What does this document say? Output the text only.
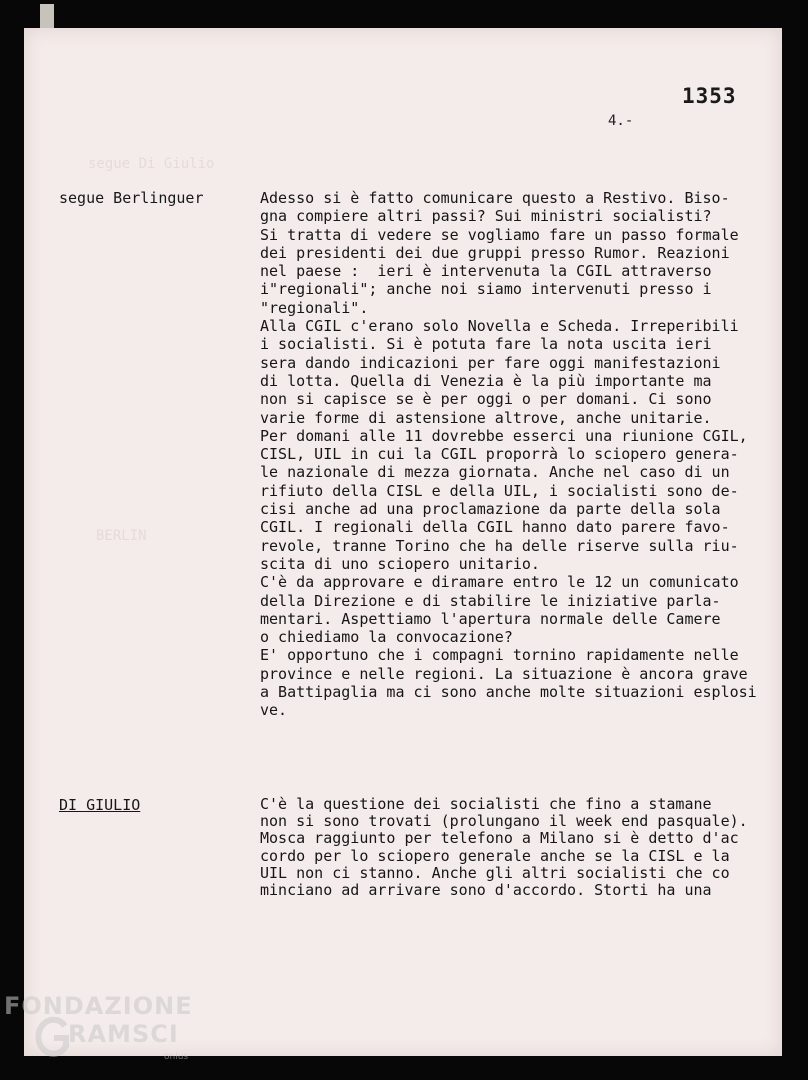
segue Di Giulio
BERLIN
1353
4.-
segue Berlinguer	Adesso si è fatto comunicare questo a Restivo. Biso-
gna compiere altri passi? Sui ministri socialisti?
Si tratta di vedere se vogliamo fare un passo formale
dei presidenti dei due gruppi presso Rumor. Reazioni
nel paese :  ieri è intervenuta la CGIL attraverso
i"regionali"; anche noi siamo intervenuti presso i
"regionali".
Alla CGIL c'erano solo Novella e Scheda. Irreperibili
i socialisti. Si è potuta fare la nota uscita ieri
sera dando indicazioni per fare oggi manifestazioni
di lotta. Quella di Venezia è la più importante ma
non si capisce se è per oggi o per domani. Ci sono
varie forme di astensione altrove, anche unitarie.
Per domani alle 11 dovrebbe esserci una riunione CGIL,
CISL, UIL in cui la CGIL proporrà lo sciopero genera-
le nazionale di mezza giornata. Anche nel caso di un
rifiuto della CISL e della UIL, i socialisti sono de-
cisi anche ad una proclamazione da parte della sola
CGIL. I regionali della CGIL hanno dato parere favo-
revole, tranne Torino che ha delle riserve sulla riu-
scita di uno sciopero unitario.
C'è da approvare e diramare entro le 12 un comunicato
della Direzione e di stabilire le iniziative parla-
mentari. Aspettiamo l'apertura normale delle Camere
o chiediamo la convocazione?
E' opportuno che i compagni tornino rapidamente nelle
province e nelle regioni. La situazione è ancora grave
a Battipaglia ma ci sono anche molte situazioni esplosi
ve.
DI GIULIO	C'è la questione dei socialisti che fino a stamane
non si sono trovati (prolungano il week end pasquale).
Mosca raggiunto per telefono a Milano si è detto d'ac
cordo per lo sciopero generale anche se la CISL e la
UIL non ci stanno. Anche gli altri socialisti che co
minciano ad arrivare sono d'accordo. Storti ha una
FONDAZIONE
RAMSCI
onlus
